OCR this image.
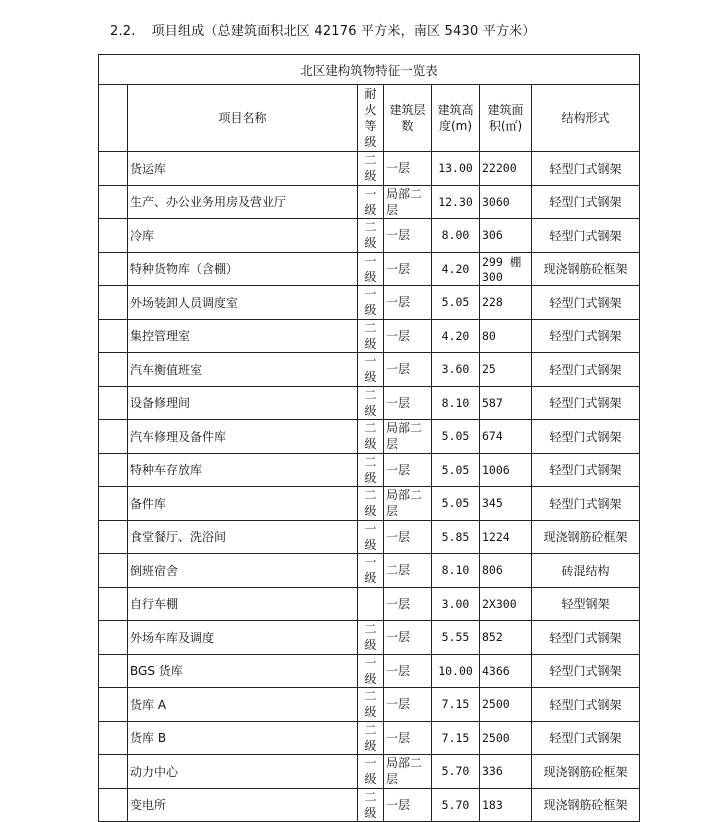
2.2. 项目组成（总建筑面积北区 42176 平方米，南区 5430 平方米）
北区建构筑物特征一览表						
	项目名称	耐火等级	建筑层数	建筑高度(m)	建筑面积(㎡)	结构形式
	货运库	二级	一层	13.00	22200	轻型门式钢架
	生产、办公业务用房及营业厅	一级	局部二层	12.30	3060	轻型门式钢架
	冷库	二级	一层	8.00	306	轻型门式钢架
	特种货物库（含棚）	一级	一层	4.20	299 棚300	现浇钢筋砼框架
	外场装卸人员调度室	一级	一层	5.05	228	轻型门式钢架
	集控管理室	二级	一层	4.20	80	轻型门式钢架
	汽车衡值班室	一级	一层	3.60	25	轻型门式钢架
	设备修理间	二级	一层	8.10	587	轻型门式钢架
	汽车修理及备件库	二级	局部二层	5.05	674	轻型门式钢架
	特种车存放库	二级	一层	5.05	1006	轻型门式钢架
	备件库	二级	局部二层	5.05	345	轻型门式钢架
	食堂餐厅、洗浴间	一级	一层	5.85	1224	现浇钢筋砼框架
	倒班宿舍	一级	二层	8.10	806	砖混结构
	自行车棚		一层	3.00	2X300	轻型钢架
	外场车库及调度	二级	一层	5.55	852	轻型门式钢架
	BGS 货库	一级	一层	10.00	4366	轻型门式钢架
	货库 A	二级	一层	7.15	2500	轻型门式钢架
	货库 B	二级	一层	7.15	2500	轻型门式钢架
	动力中心	一级	局部二层	5.70	336	现浇钢筋砼框架
	变电所	二级	一层	5.70	183	现浇钢筋砼框架
